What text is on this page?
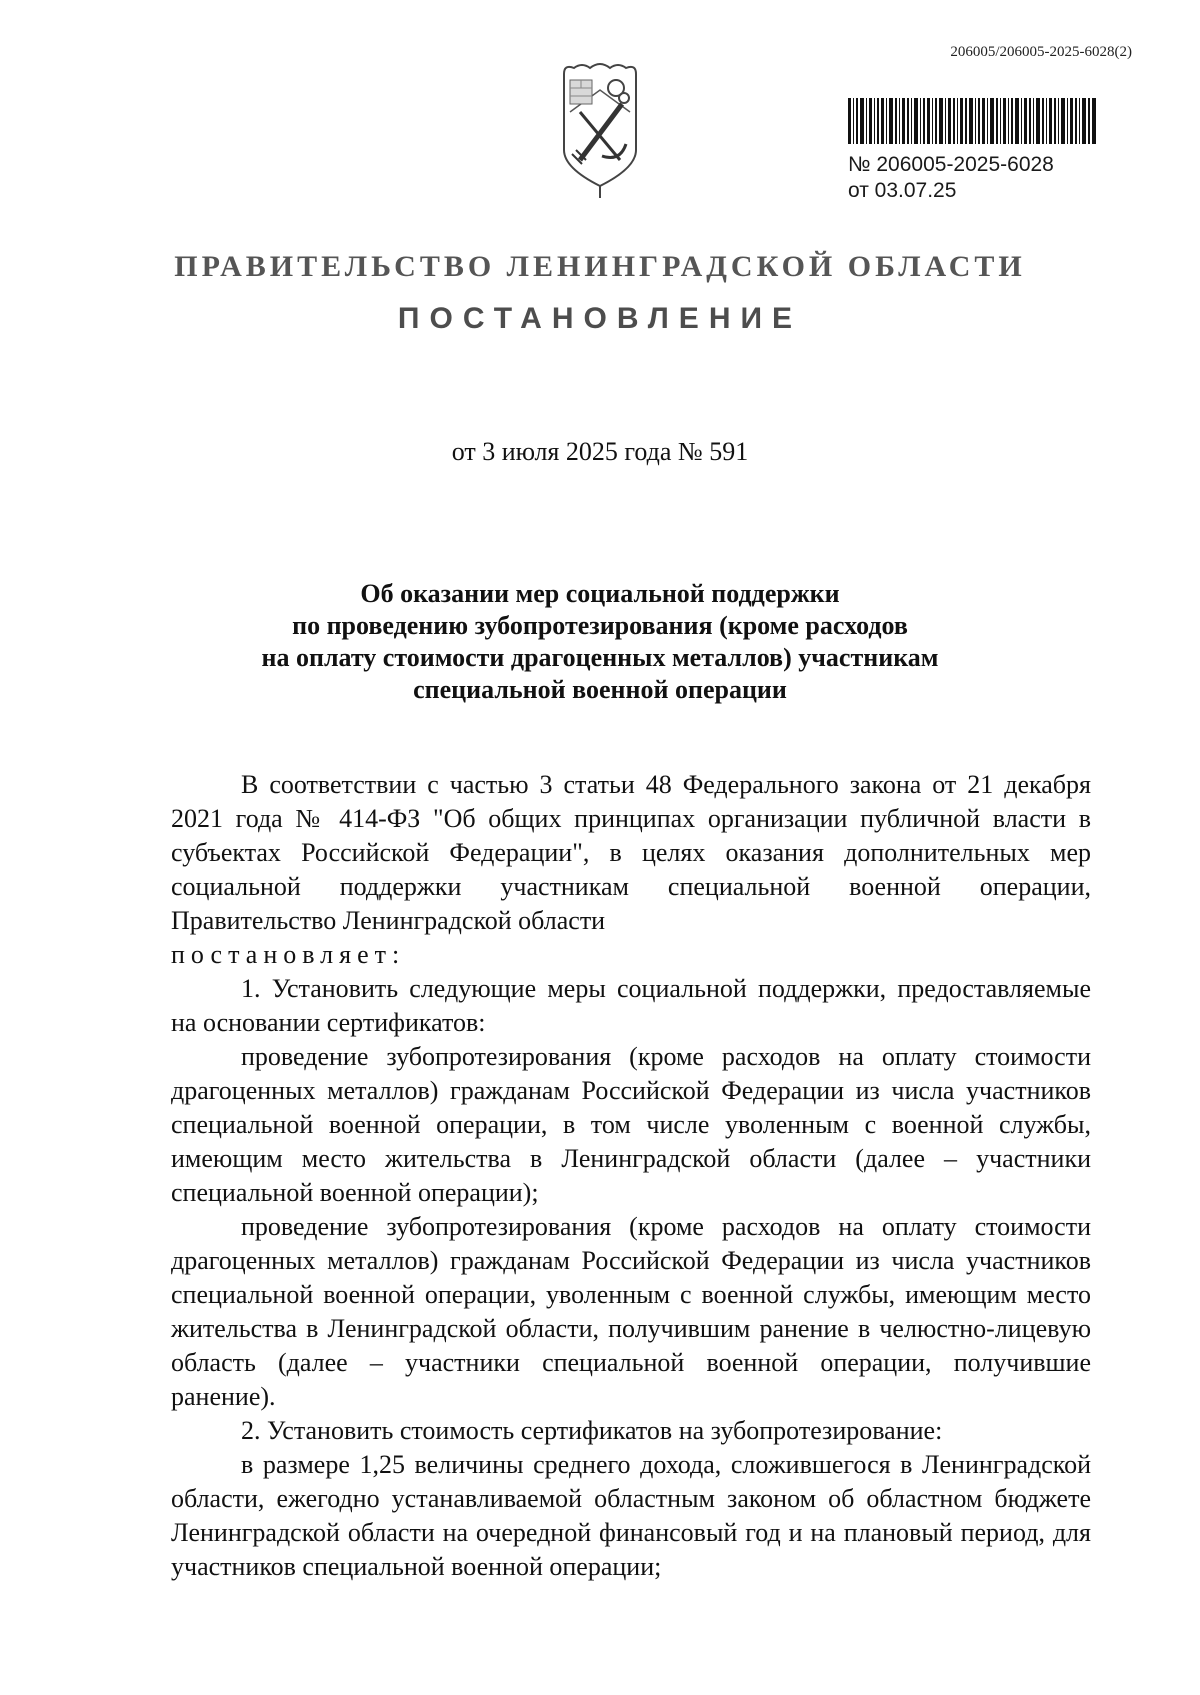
206005/206005-2025-6028(2)
№ 206005-2025-6028
от 03.07.25
ПРАВИТЕЛЬСТВО ЛЕНИНГРАДСКОЙ ОБЛАСТИ
ПОСТАНОВЛЕНИЕ
от 3 июля 2025 года № 591
Об оказании мер социальной поддержки
по проведению зубопротезирования (кроме расходов
на оплату стоимости драгоценных металлов) участникам
специальной военной операции

В соответствии с частью 3 статьи 48 Федерального закона от 21 декабря 2021 года № 414-ФЗ "Об общих принципах организации публичной власти в субъектах Российской Федерации", в целях оказания дополнительных мер социальной поддержки участникам специальной военной операции, Правительство Ленинградской области
постановляет:

1. Установить следующие меры социальной поддержки, предоставляемые на основании сертификатов:

проведение зубопротезирования (кроме расходов на оплату стоимости драгоценных металлов) гражданам Российской Федерации из числа участников специальной военной операции, в том числе уволенным с военной службы, имеющим место жительства в Ленинградской области (далее – участники специальной военной операции);

проведение зубопротезирования (кроме расходов на оплату стоимости драгоценных металлов) гражданам Российской Федерации из числа участников специальной военной операции, уволенным с военной службы, имеющим место жительства в Ленинградской области, получившим ранение в челюстно-лицевую область (далее – участники специальной военной операции, получившие ранение).

2. Установить стоимость сертификатов на зубопротезирование:

в размере 1,25 величины среднего дохода, сложившегося в Ленинградской области, ежегодно устанавливаемой областным законом об областном бюджете Ленинградской области на очередной финансовый год и на плановый период, для участников специальной военной операции;
